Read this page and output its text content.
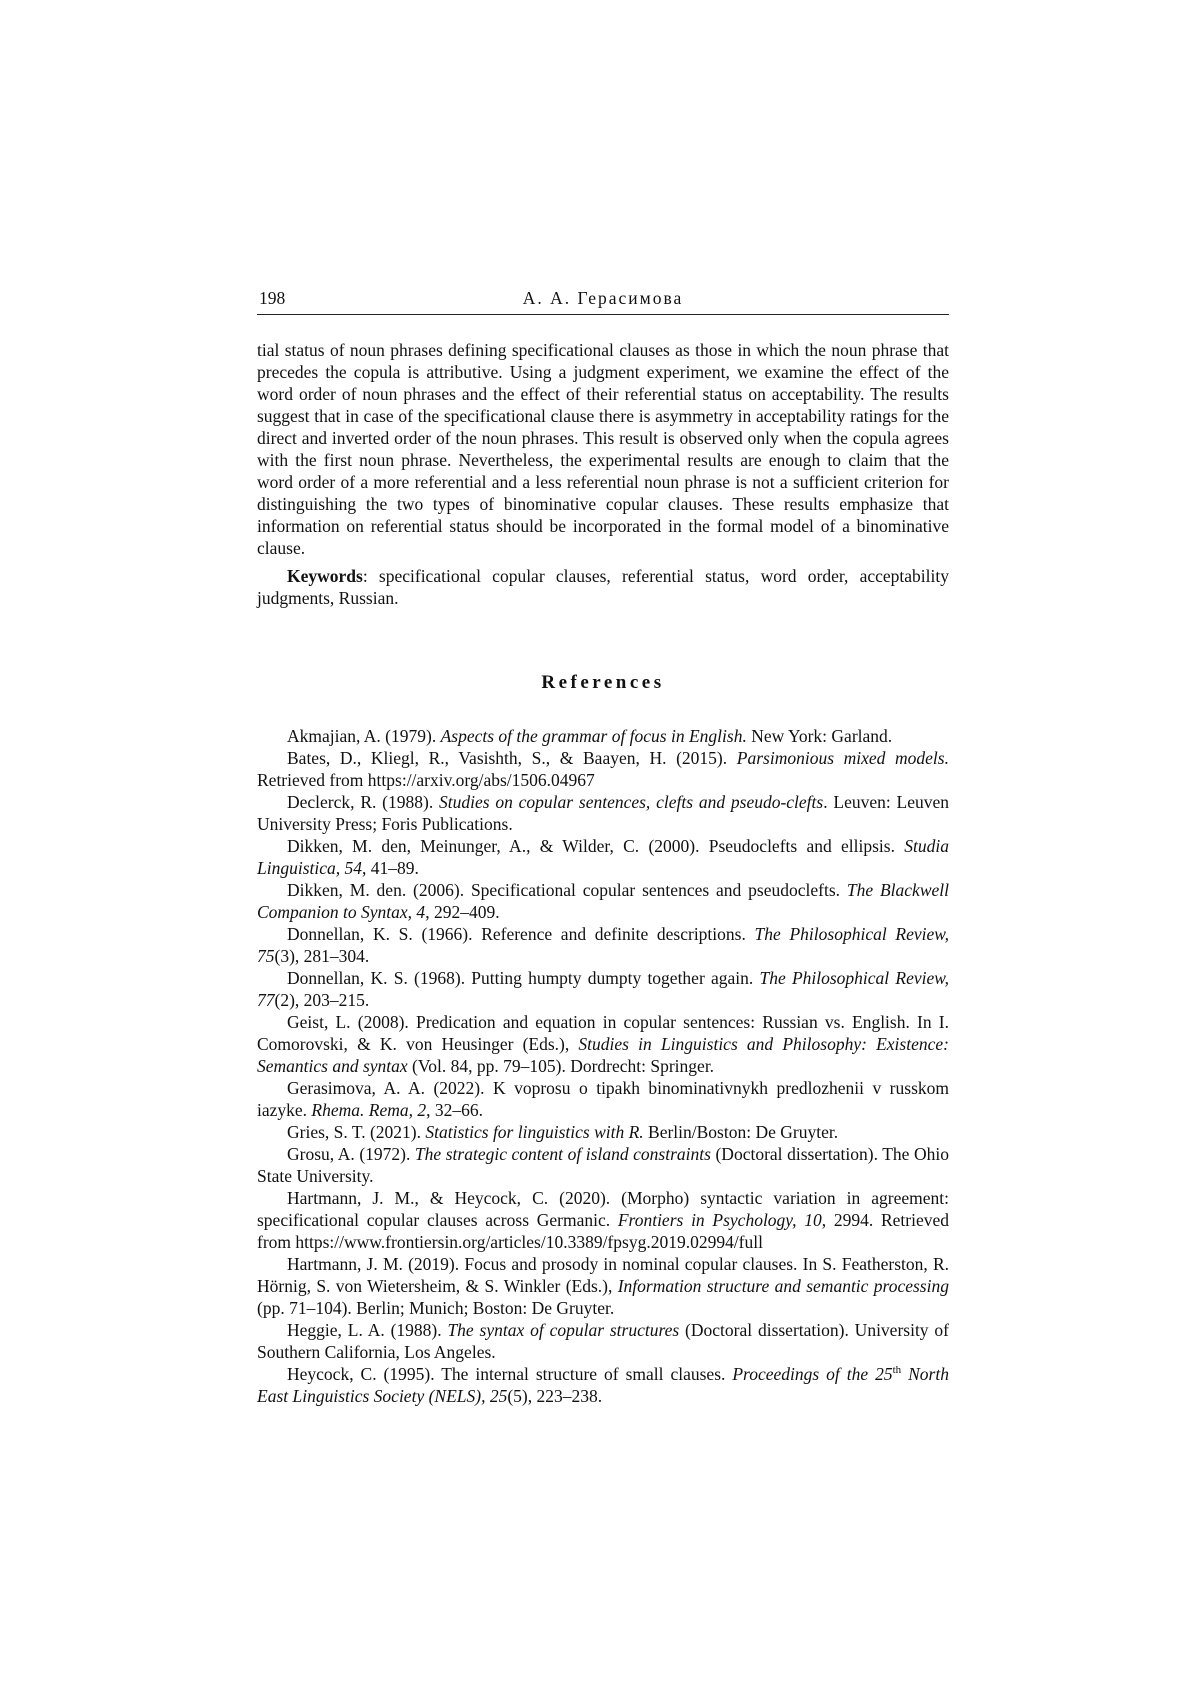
198	А. А. Герасимова

tial status of noun phrases defining specificational clauses as those in which the noun phrase that precedes the copula is attributive. Using a judgment experiment, we examine the effect of the word order of noun phrases and the effect of their referential status on acceptability. The results suggest that in case of the specificational clause there is asymmetry in acceptability ratings for the direct and inverted order of the noun phrases. This result is observed only when the copula agrees with the first noun phrase. Nevertheless, the experimental results are enough to claim that the word order of a more referential and a less referential noun phrase is not a sufficient criterion for distinguishing the two types of binominative copular clauses. These results emphasize that information on referential status should be incorporated in the formal model of a binominative clause.

Keywords: specificational copular clauses, referential status, word order, acceptability judgments, Russian.

References

Akmajian, A. (1979). Aspects of the grammar of focus in English. New York: Garland.

Bates, D., Kliegl, R., Vasishth, S., & Baayen, H. (2015). Parsimonious mixed models. Retrieved from https://arxiv.org/abs/1506.04967

Declerck, R. (1988). Studies on copular sentences, clefts and pseudo-clefts. Leuven: Leuven University Press; Foris Publications.

Dikken, M. den, Meinunger, A., & Wilder, C. (2000). Pseudoclefts and ellipsis. Studia Linguistica, 54, 41–89.

Dikken, M. den. (2006). Specificational copular sentences and pseudoclefts. The Blackwell Companion to Syntax, 4, 292–409.

Donnellan, K. S. (1966). Reference and definite descriptions. The Philosophical Review, 75(3), 281–304.

Donnellan, K. S. (1968). Putting humpty dumpty together again. The Philosophical Review, 77(2), 203–215.

Geist, L. (2008). Predication and equation in copular sentences: Russian vs. English. In I. Comorovski, & K. von Heusinger (Eds.), Studies in Linguistics and Philosophy: Existence: Semantics and syntax (Vol. 84, pp. 79–105). Dordrecht: Springer.

Gerasimova, A. A. (2022). K voprosu o tipakh binominativnykh predlozhenii v russkom iazyke. Rhema. Rema, 2, 32–66.

Gries, S. T. (2021). Statistics for linguistics with R. Berlin/Boston: De Gruyter.

Grosu, A. (1972). The strategic content of island constraints (Doctoral dissertation). The Ohio State University.

Hartmann, J. M., & Heycock, C. (2020). (Morpho) syntactic variation in agreement: specificational copular clauses across Germanic. Frontiers in Psychology, 10, 2994. Retrieved from https://www.frontiersin.org/articles/10.3389/fpsyg.2019.02994/full

Hartmann, J. M. (2019). Focus and prosody in nominal copular clauses. In S. Featherston, R. Hörnig, S. von Wietersheim, & S. Winkler (Eds.), Information structure and semantic processing (pp. 71–104). Berlin; Munich; Boston: De Gruyter.

Heggie, L. A. (1988). The syntax of copular structures (Doctoral dissertation). University of Southern California, Los Angeles.

Heycock, C. (1995). The internal structure of small clauses. Proceedings of the 25th North East Linguistics Society (NELS), 25(5), 223–238.
